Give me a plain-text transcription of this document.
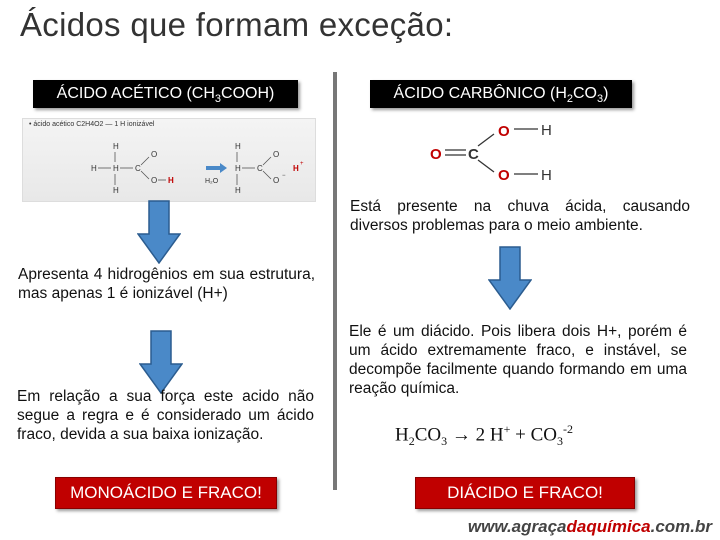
Ácidos que formam exceção:
ÁCIDO ACÉTICO $(CH_3COOH)$	ÁCIDO CARBÔNICO $(H_2CO_3)$
• ácido acético C2H4O2 — 1 H ionizável
H
H
H
H	C
O
O H	H₂O
H
H
H
C
O
O −
H +
O C
O H
O H
Está presente na chuva ácida, causando diversos problemas para o meio ambiente.
Ele é um diácido. Pois libera dois H+, porém é um ácido extremamente fraco, e instável, se decompõe facilmente quando formando em uma reação química.
$H_2CO_3 \to 2$ $H^+ + CO_3^{-2}$
Apresenta 4 hidrogênios em sua estrutura, mas apenas 1 é ionizável (H+)
Em relação a sua força este acido não segue a regra e é considerado um ácido fraco, devida a sua baixa ionização.
MONOÁCIDO E FRACO!	DIÁCIDO E FRACO!
www.agraçadaquímica.com.br
